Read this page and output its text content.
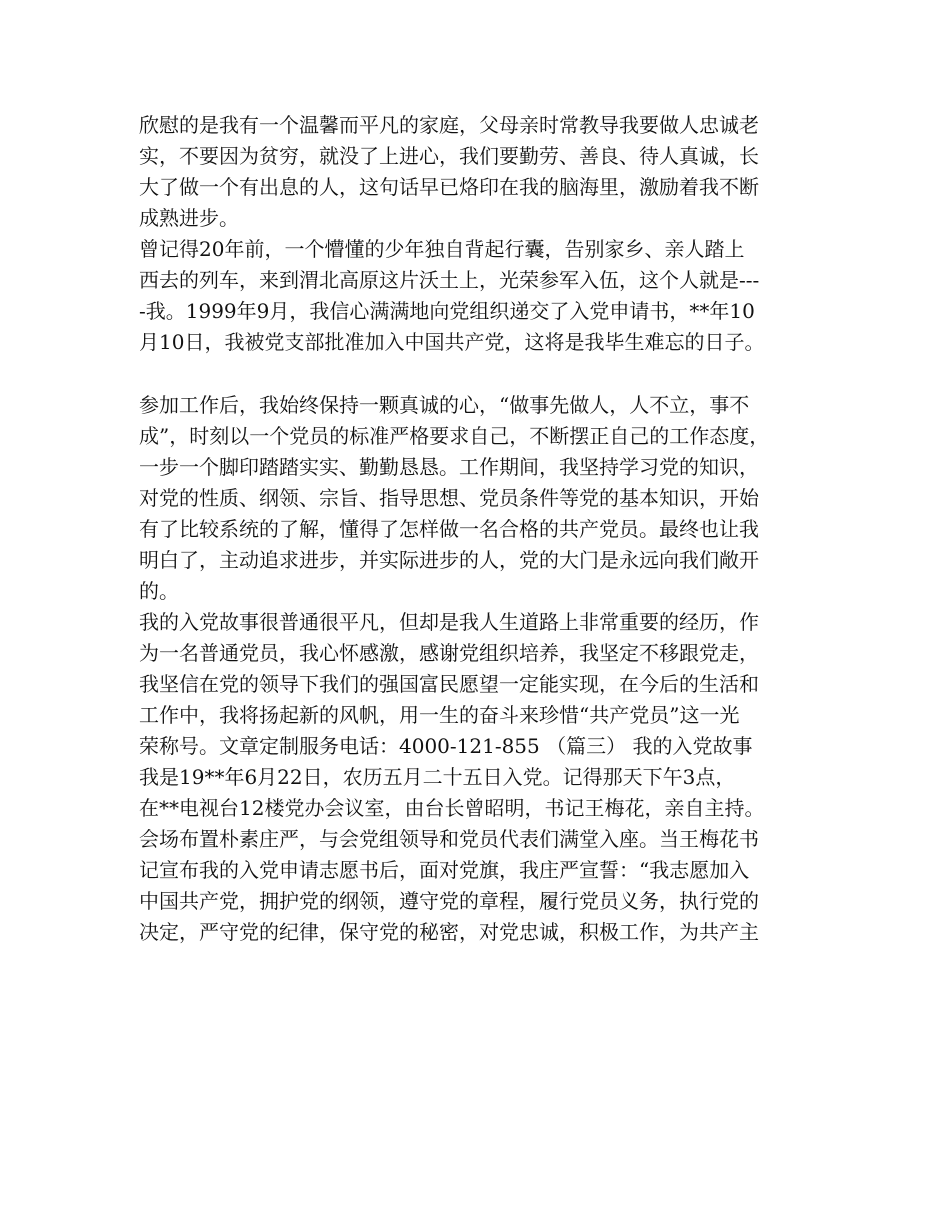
欣慰的是我有一个温馨而平凡的家庭，父母亲时常教导我要做人忠诚老
实，不要因为贫穷，就没了上进心，我们要勤劳、善良、待人真诚，长
大了做一个有出息的人，这句话早已烙印在我的脑海里，激励着我不断
成熟进步。
曾记得20年前，一个懵懂的少年独自背起行囊，告别家乡、亲人踏上
西去的列车，来到渭北高原这片沃土上，光荣参军入伍，这个人就是---
-我。1999年9月，我信心满满地向党组织递交了入党申请书，**年10
月10日，我被党支部批准加入中国共产党，这将是我毕生难忘的日子。
参加工作后，我始终保持一颗真诚的心，“做事先做人，人不立，事不
成”，时刻以一个党员的标准严格要求自己，不断摆正自己的工作态度，
一步一个脚印踏踏实实、勤勤恳恳。工作期间，我坚持学习党的知识，
对党的性质、纲领、宗旨、指导思想、党员条件等党的基本知识，开始
有了比较系统的了解，懂得了怎样做一名合格的共产党员。最终也让我
明白了，主动追求进步，并实际进步的人，党的大门是永远向我们敞开
的。
我的入党故事很普通很平凡，但却是我人生道路上非常重要的经历，作
为一名普通党员，我心怀感激，感谢党组织培养，我坚定不移跟党走，
我坚信在党的领导下我们的强国富民愿望一定能实现，在今后的生活和
工作中，我将扬起新的风帆，用一生的奋斗来珍惜“共产党员”这一光
荣称号。文章定制服务电话：4000-121-855 （篇三） 我的入党故事
我是19**年6月22日，农历五月二十五日入党。记得那天下午3点，
在**电视台12楼党办会议室，由台长曾昭明，书记王梅花，亲自主持。
会场布置朴素庄严，与会党组领导和党员代表们满堂入座。当王梅花书
记宣布我的入党申请志愿书后，面对党旗，我庄严宣誓：“我志愿加入
中国共产党，拥护党的纲领，遵守党的章程，履行党员义务，执行党的
决定，严守党的纪律，保守党的秘密，对党忠诚，积极工作，为共产主
